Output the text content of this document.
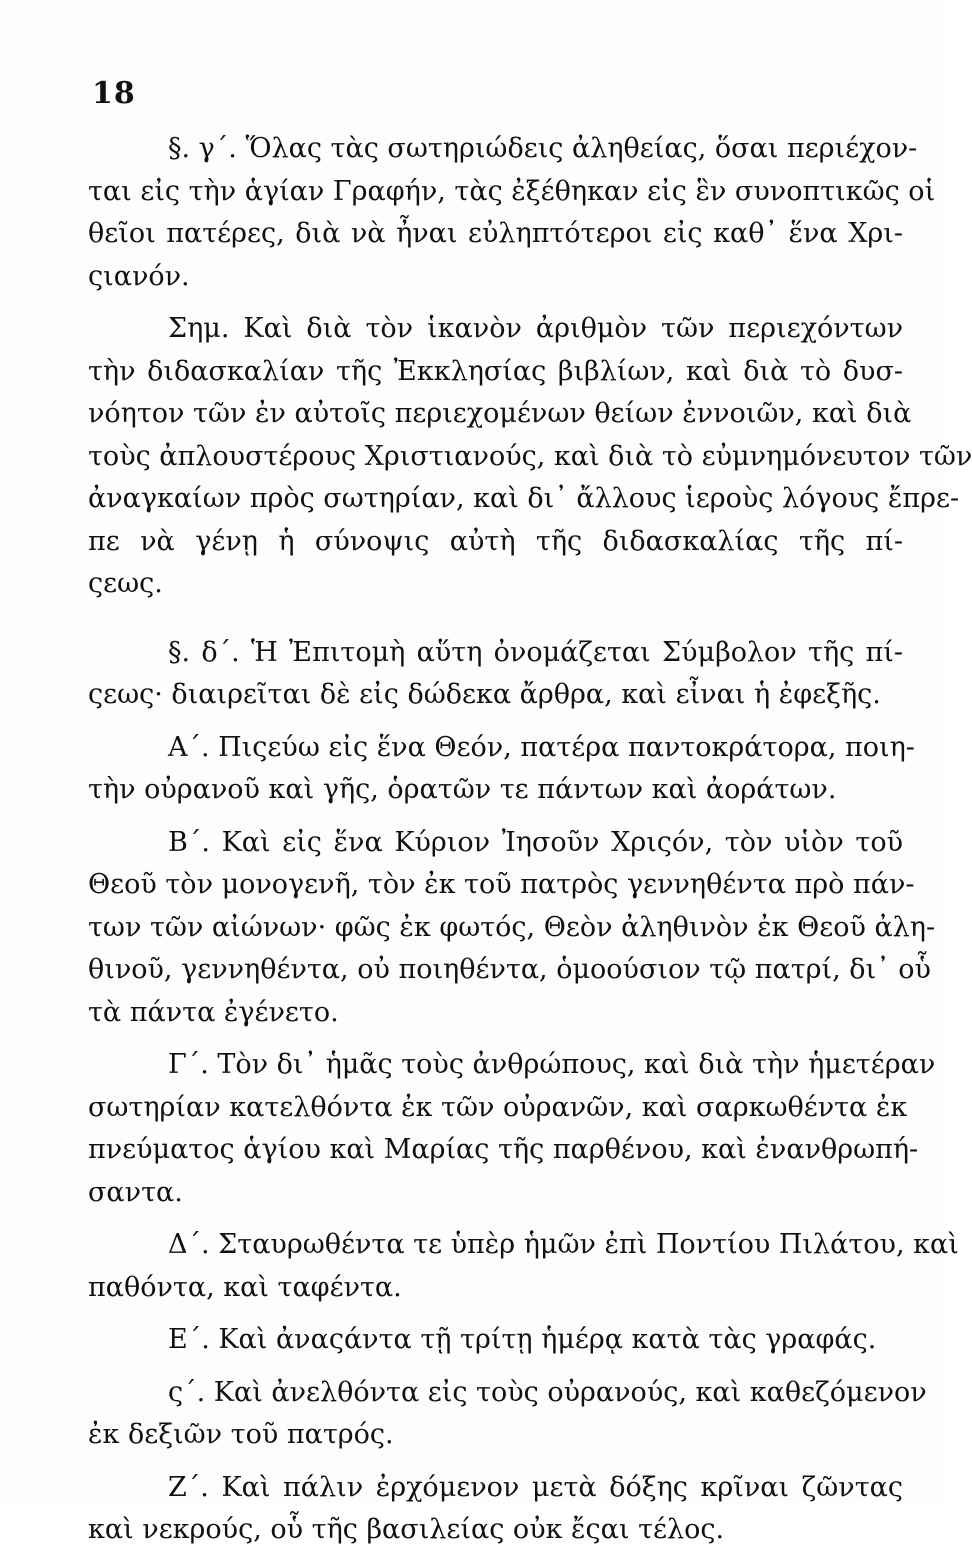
18
§. γ΄. Ὅλας τὰς σωτηριώδεις ἀληθείας, ὅσαι περιέχον-
ται εἰς τὴν ἁγίαν Γραφήν, τὰς ἐξέθηκαν εἰς ἓν συνοπτικῶς οἱ
θεῖοι πατέρες, διὰ νὰ ἦναι εὐληπτότεροι εἰς καθ᾽ ἕνα Χρι-
ςιανόν.
Σημ. Καὶ διὰ τὸν ἱκανὸν ἀριθμὸν τῶν περιεχόντων
τὴν διδασκαλίαν τῆς Ἐκκλησίας βιβλίων, καὶ διὰ τὸ δυσ-
νόητον τῶν ἐν αὐτοῖς περιεχομένων θείων ἐννοιῶν, καὶ διὰ
τοὺς ἀπλουστέρους Χριστιανούς, καὶ διὰ τὸ εὐμνημόνευτον τῶν
ἀναγκαίων πρὸς σωτηρίαν, καὶ δι᾽ ἄλλους ἱεροὺς λόγους ἔπρε-
πε νὰ γένῃ ἡ σύνοψις αὐτὴ τῆς διδασκαλίας τῆς πί-
ςεως.
§. δ΄. Ἡ Ἐπιτομὴ αὕτη ὀνομάζεται Σύμβολον τῆς πί-
ςεως· διαιρεῖται δὲ εἰς δώδεκα ἄρθρα, καὶ εἶναι ἡ ἐφεξῆς.
Α΄. Πιςεύω εἰς ἕνα Θεόν, πατέρα παντοκράτορα, ποιη-
τὴν οὐρανοῦ καὶ γῆς, ὁρατῶν τε πάντων καὶ ἀοράτων.
Β΄. Καὶ εἰς ἕνα Κύριον Ἰησοῦν Χριςόν, τὸν υἱὸν τοῦ
Θεοῦ τὸν μονογενῆ, τὸν ἐκ τοῦ πατρὸς γεννηθέντα πρὸ πάν-
των τῶν αἰώνων· φῶς ἐκ φωτός, Θεὸν ἀληθινὸν ἐκ Θεοῦ ἀλη-
θινοῦ, γεννηθέντα, οὐ ποιηθέντα, ὁμοούσιον τῷ πατρί, δι᾽ οὗ
τὰ πάντα ἐγένετο.
Γ΄. Τὸν δι᾽ ἡμᾶς τοὺς ἀνθρώπους, καὶ διὰ τὴν ἡμετέραν
σωτηρίαν κατελθόντα ἐκ τῶν οὐρανῶν, καὶ σαρκωθέντα ἐκ
πνεύματος ἁγίου καὶ Μαρίας τῆς παρθένου, καὶ ἐνανθρωπή-
σαντα.
Δ΄. Σταυρωθέντα τε ὑπὲρ ἡμῶν ἐπὶ Ποντίου Πιλάτου, καὶ
παθόντα, καὶ ταφέντα.
Ε΄. Καὶ ἀναςάντα τῇ τρίτῃ ἡμέρᾳ κατὰ τὰς γραφάς.
ς΄. Καὶ ἀνελθόντα εἰς τοὺς οὐρανούς, καὶ καθεζόμενον
ἐκ δεξιῶν τοῦ πατρός.
Ζ΄. Καὶ πάλιν ἐρχόμενον μετὰ δόξης κρῖναι ζῶντας
καὶ νεκρούς, οὗ τῆς βασιλείας οὐκ ἔςαι τέλος.
